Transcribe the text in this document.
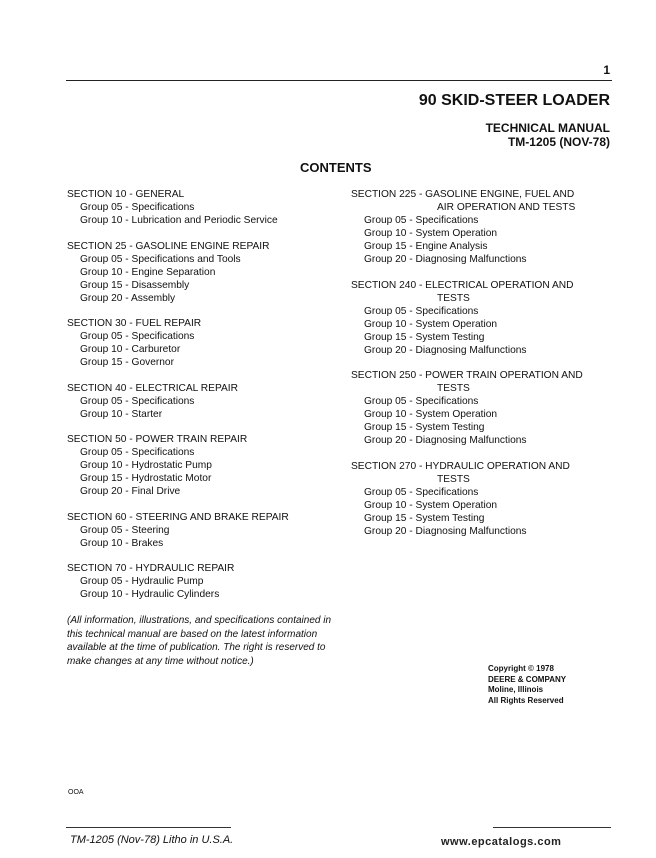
1
90 SKID-STEER LOADER
TECHNICAL MANUAL
TM-1205 (NOV-78)
CONTENTS
SECTION 10 - GENERAL
Group 05 - Specifications
Group 10 - Lubrication and Periodic Service
SECTION 25 - GASOLINE ENGINE REPAIR
Group 05 - Specifications and Tools
Group 10 - Engine Separation
Group 15 - Disassembly
Group 20 - Assembly
SECTION 30 - FUEL REPAIR
Group 05 - Specifications
Group 10 - Carburetor
Group 15 - Governor
SECTION 40 - ELECTRICAL REPAIR
Group 05 - Specifications
Group 10 - Starter
SECTION 50 - POWER TRAIN REPAIR
Group 05 - Specifications
Group 10 - Hydrostatic Pump
Group 15 - Hydrostatic Motor
Group 20 - Final Drive
SECTION 60 - STEERING AND BRAKE REPAIR
Group 05 - Steering
Group 10 - Brakes
SECTION 70 - HYDRAULIC REPAIR
Group 05 - Hydraulic Pump
Group 10 - Hydraulic Cylinders
SECTION 225 - GASOLINE ENGINE, FUEL AND
AIR OPERATION AND TESTS
Group 05 - Specifications
Group 10 - System Operation
Group 15 - Engine Analysis
Group 20 - Diagnosing Malfunctions
SECTION 240 - ELECTRICAL OPERATION AND
TESTS
Group 05 - Specifications
Group 10 - System Operation
Group 15 - System Testing
Group 20 - Diagnosing Malfunctions
SECTION 250 - POWER TRAIN OPERATION AND
TESTS
Group 05 - Specifications
Group 10 - System Operation
Group 15 - System Testing
Group 20 - Diagnosing Malfunctions
SECTION 270 - HYDRAULIC OPERATION AND
TESTS
Group 05 - Specifications
Group 10 - System Operation
Group 15 - System Testing
Group 20 - Diagnosing Malfunctions
(All information, illustrations, and specifications contained in this technical manual are based on the latest information available at the time of publication. The right is reserved to make changes at any time without notice.)
Copyright © 1978
DEERE & COMPANY
Moline, Illinois
All Rights Reserved
OOA
TM-1205 (Nov-78) Litho in U.S.A.	www.epcatalogs.com
